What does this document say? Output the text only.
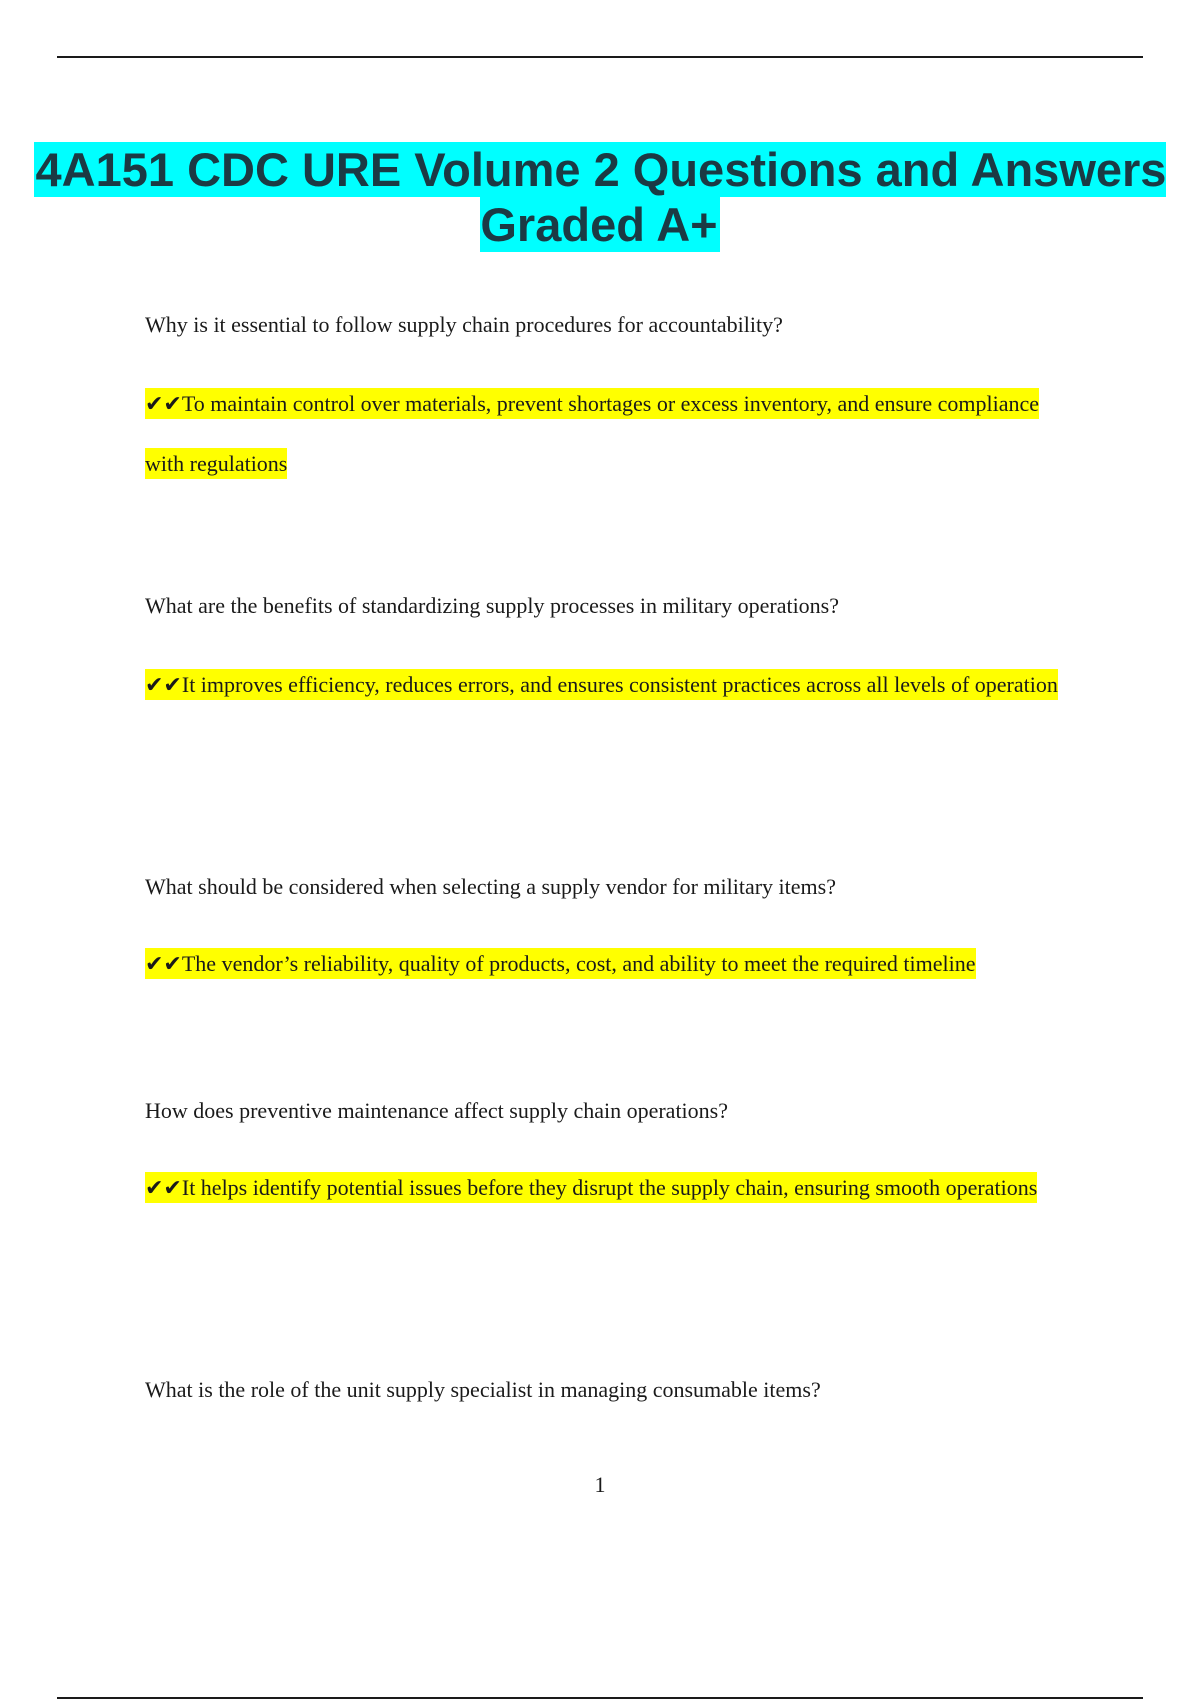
4A151 CDC URE Volume 2 Questions and Answers Graded A+

Why is it essential to follow supply chain procedures for accountability?

✔✔To maintain control over materials, prevent shortages or excess inventory, and ensure compliance with regulations

What are the benefits of standardizing supply processes in military operations?

✔✔It improves efficiency, reduces errors, and ensures consistent practices across all levels of operation

What should be considered when selecting a supply vendor for military items?

✔✔The vendor’s reliability, quality of products, cost, and ability to meet the required timeline

How does preventive maintenance affect supply chain operations?

✔✔It helps identify potential issues before they disrupt the supply chain, ensuring smooth operations

What is the role of the unit supply specialist in managing consumable items?

1
